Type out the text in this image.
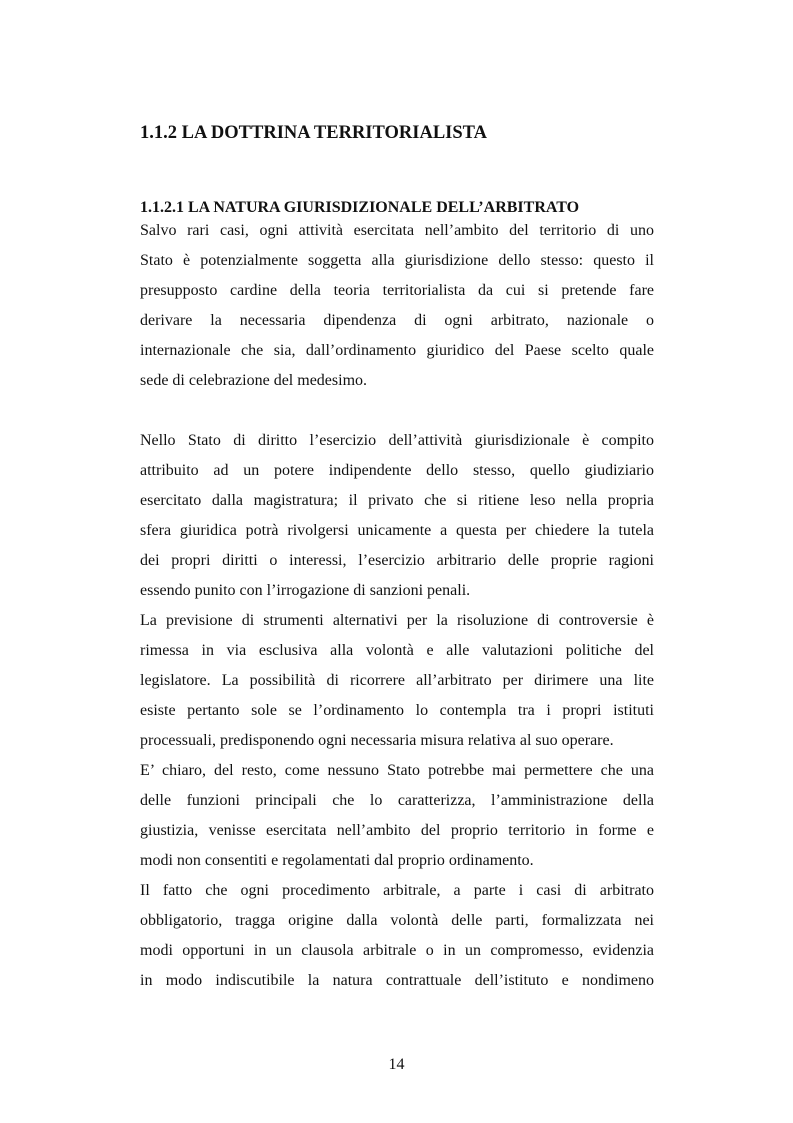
1.1.2 LA DOTTRINA TERRITORIALISTA
1.1.2.1 LA NATURA GIURISDIZIONALE DELL’ARBITRATO
Salvo rari casi, ogni attività esercitata nell’ambito del territorio di uno
Stato è potenzialmente soggetta alla giurisdizione dello stesso: questo il
presupposto cardine della teoria territorialista da cui si pretende fare
derivare la necessaria dipendenza di ogni arbitrato, nazionale o
internazionale che sia, dall’ordinamento giuridico del Paese scelto quale
sede di celebrazione del medesimo.
Nello Stato di diritto l’esercizio dell’attività giurisdizionale è compito
attribuito ad un potere indipendente dello stesso, quello giudiziario
esercitato dalla magistratura; il privato che si ritiene leso nella propria
sfera giuridica potrà rivolgersi unicamente a questa per chiedere la tutela
dei propri diritti o interessi, l’esercizio arbitrario delle proprie ragioni
essendo punito con l’irrogazione di sanzioni penali.
La previsione di strumenti alternativi per la risoluzione di controversie è
rimessa in via esclusiva alla volontà e alle valutazioni politiche del
legislatore. La possibilità di ricorrere all’arbitrato per dirimere una lite
esiste pertanto sole se l’ordinamento lo contempla tra i propri istituti
processuali, predisponendo ogni necessaria misura relativa al suo operare.
E’ chiaro, del resto, come nessuno Stato potrebbe mai permettere che una
delle funzioni principali che lo caratterizza, l’amministrazione della
giustizia, venisse esercitata nell’ambito del proprio territorio in forme e
modi non consentiti e regolamentati dal proprio ordinamento.
Il fatto che ogni procedimento arbitrale, a parte i casi di arbitrato
obbligatorio, tragga origine dalla volontà delle parti, formalizzata nei
modi opportuni in un clausola arbitrale o in un compromesso, evidenzia
in modo indiscutibile la natura contrattuale dell’istituto e nondimeno
14
